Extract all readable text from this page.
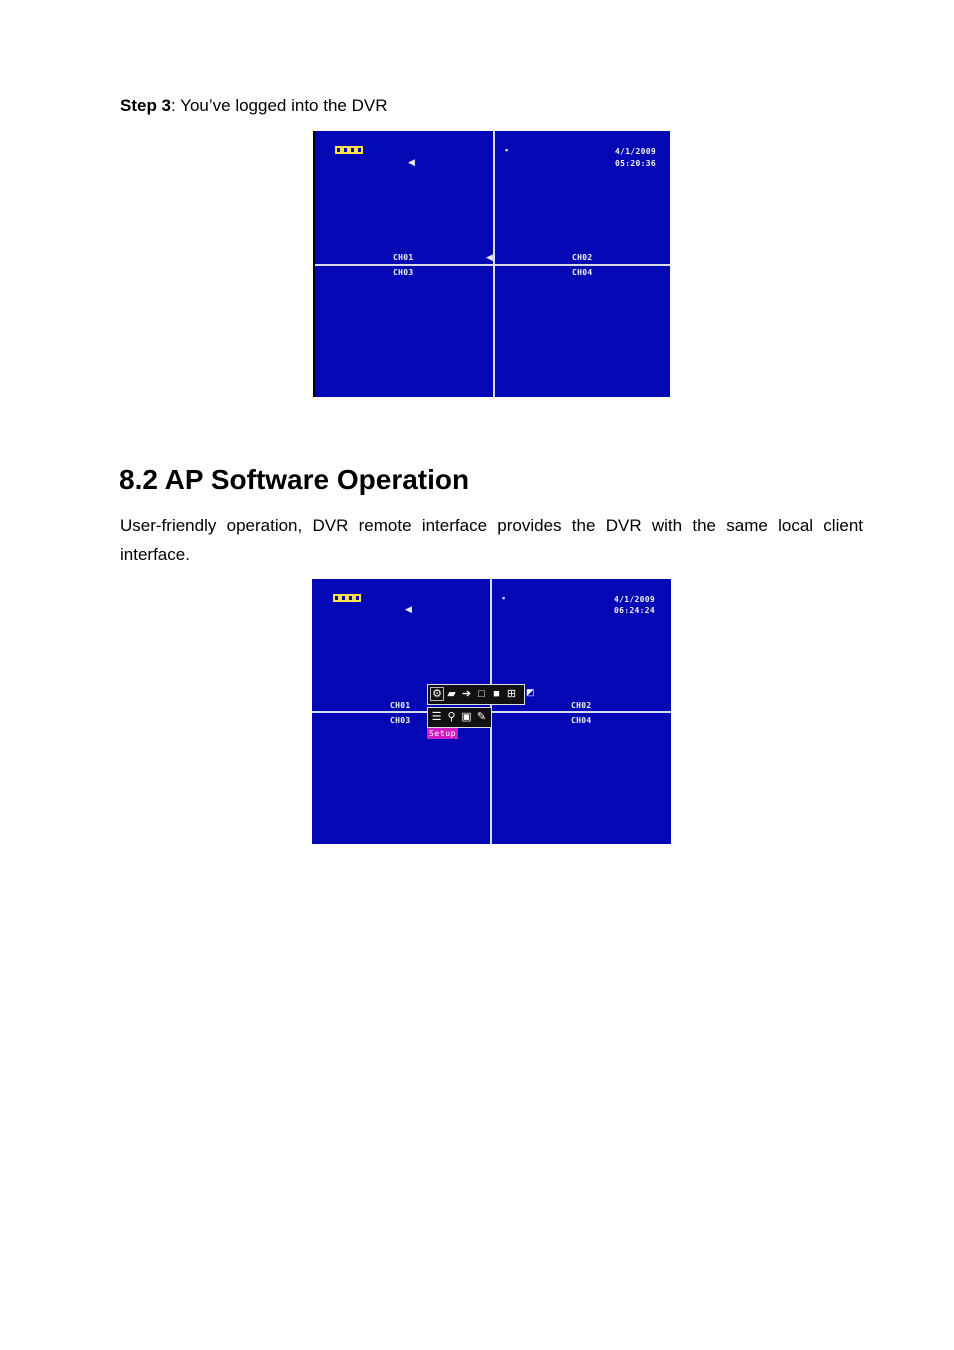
Step 3: You’ve logged into the DVR
◀
◀
▪	4/1/2009
05:20:36
CH01	CH02
CH03	CH04
8.2 AP Software Operation

User-friendly operation, DVR remote interface provides the DVR with the same local client interface.

◀
▪	4/1/2009
06:24:24
CH01	CH02
CH03	CH04
⚙ ▰ ➔ □ ■ ⊞ ◩
☰ ⚲ ▣ ✎
Setup
